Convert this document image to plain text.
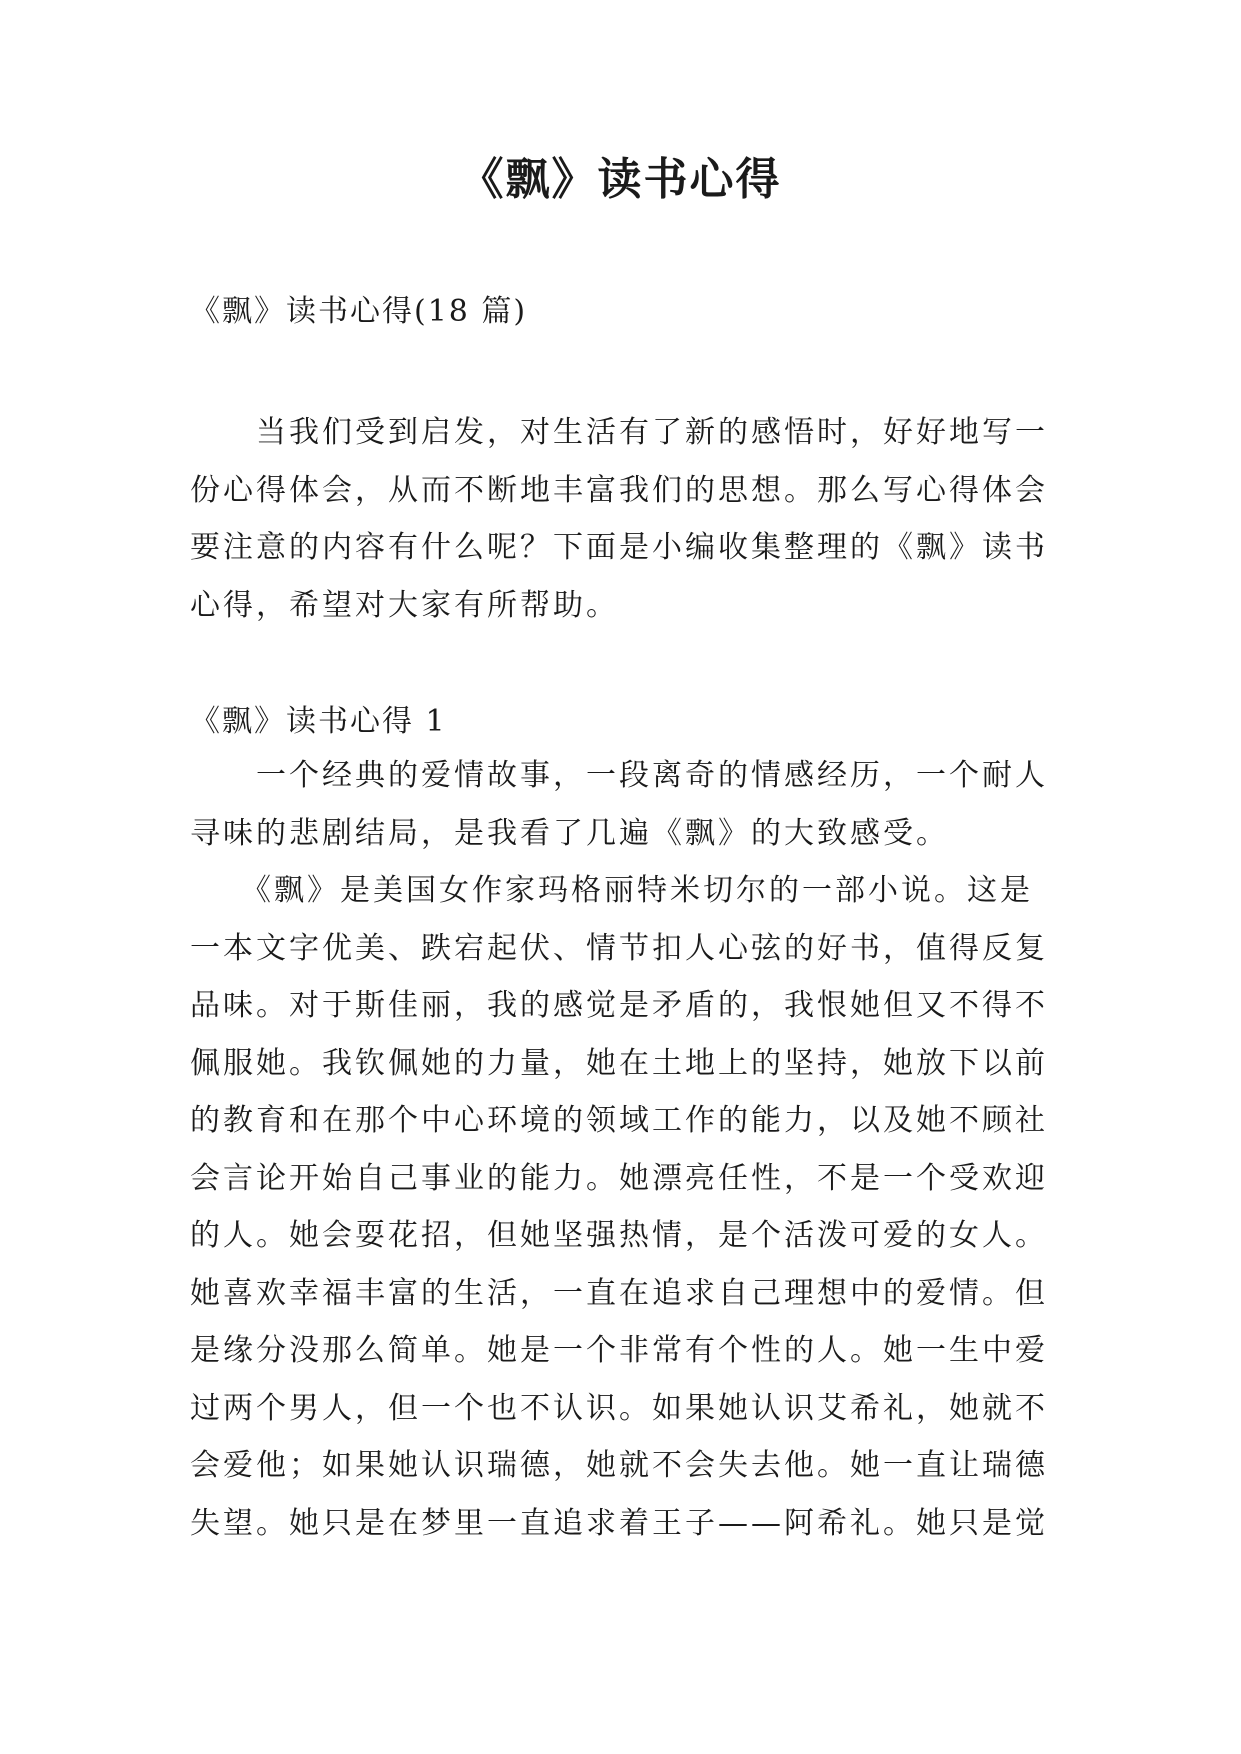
《飘》读书心得
《飘》读书心得(18 篇)

　　当我们受到启发，对生活有了新的感悟时，好好地写一

份心得体会，从而不断地丰富我们的思想。那么写心得体会

要注意的内容有什么呢？下面是小编收集整理的《飘》读书

心得，希望对大家有所帮助。

《飘》读书心得 1

　　一个经典的爱情故事，一段离奇的情感经历，一个耐人

寻味的悲剧结局，是我看了几遍《飘》的大致感受。

　　《飘》是美国女作家玛格丽特米切尔的一部小说。这是

一本文字优美、跌宕起伏、情节扣人心弦的好书，值得反复

品味。对于斯佳丽，我的感觉是矛盾的，我恨她但又不得不

佩服她。我钦佩她的力量，她在土地上的坚持，她放下以前

的教育和在那个中心环境的领域工作的能力，以及她不顾社

会言论开始自己事业的能力。她漂亮任性，不是一个受欢迎

的人。她会耍花招，但她坚强热情，是个活泼可爱的女人。

她喜欢幸福丰富的生活，一直在追求自己理想中的爱情。但

是缘分没那么简单。她是一个非常有个性的人。她一生中爱

过两个男人，但一个也不认识。如果她认识艾希礼，她就不

会爱他；如果她认识瑞德，她就不会失去他。她一直让瑞德

失望。她只是在梦里一直追求着王子——阿希礼。她只是觉
